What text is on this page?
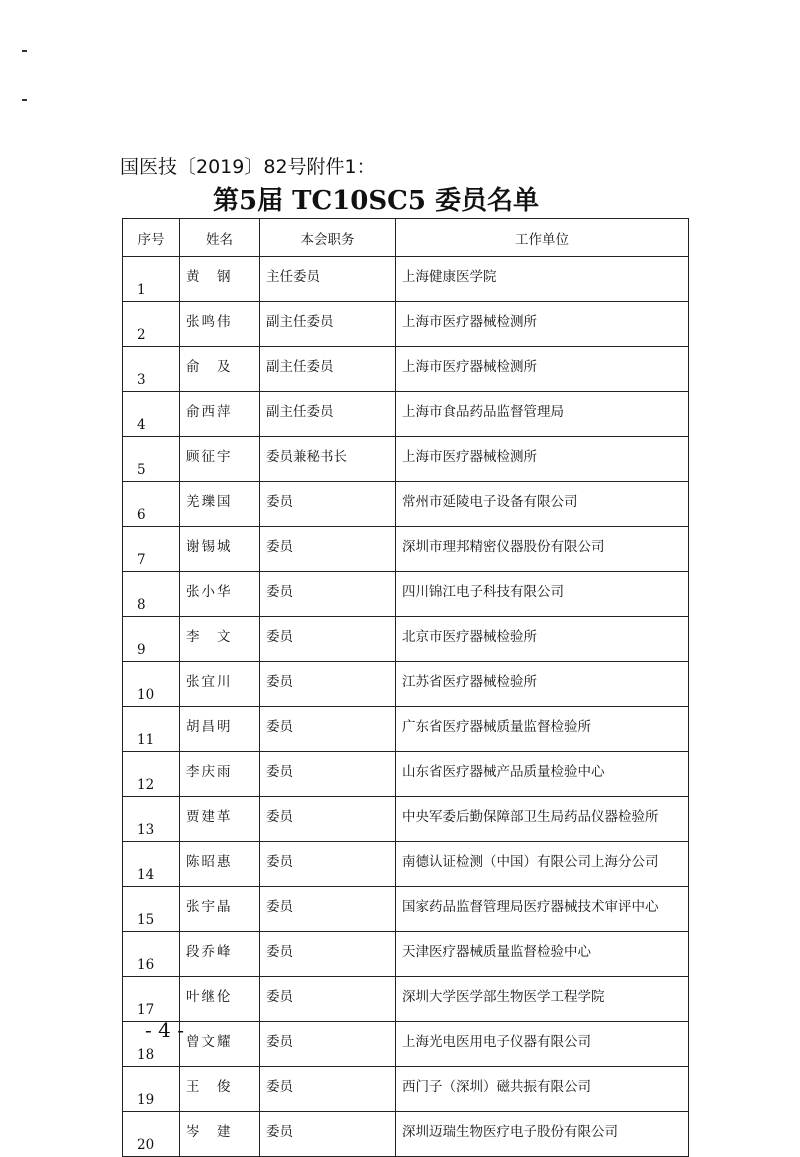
国医技〔2019〕82号附件1：
第5届 TC10SC5 委员名单
序号	姓名	本会职务	工作单位
1	黄　钢	主任委员	上海健康医学院
2	张鸣伟	副主任委员	上海市医疗器械检测所
3	俞　及	副主任委员	上海市医疗器械检测所
4	俞西萍	副主任委员	上海市食品药品监督管理局
5	顾征宇	委员兼秘书长	上海市医疗器械检测所
6	羌瓅国	委员	常州市延陵电子设备有限公司
7	谢锡城	委员	深圳市理邦精密仪器股份有限公司
8	张小华	委员	四川锦江电子科技有限公司
9	李　文	委员	北京市医疗器械检验所
10	张宜川	委员	江苏省医疗器械检验所
11	胡昌明	委员	广东省医疗器械质量监督检验所
12	李庆雨	委员	山东省医疗器械产品质量检验中心
13	贾建革	委员	中央军委后勤保障部卫生局药品仪器检验所
14	陈昭惠	委员	南德认证检测（中国）有限公司上海分公司
15	张宇晶	委员	国家药品监督管理局医疗器械技术审评中心
16	段乔峰	委员	天津医疗器械质量监督检验中心
17	叶继伦	委员	深圳大学医学部生物医学工程学院
18	曾文耀	委员	上海光电医用电子仪器有限公司
19	王　俊	委员	西门子（深圳）磁共振有限公司
20	岑　建	委员	深圳迈瑞生物医疗电子股份有限公司
- 4 -
